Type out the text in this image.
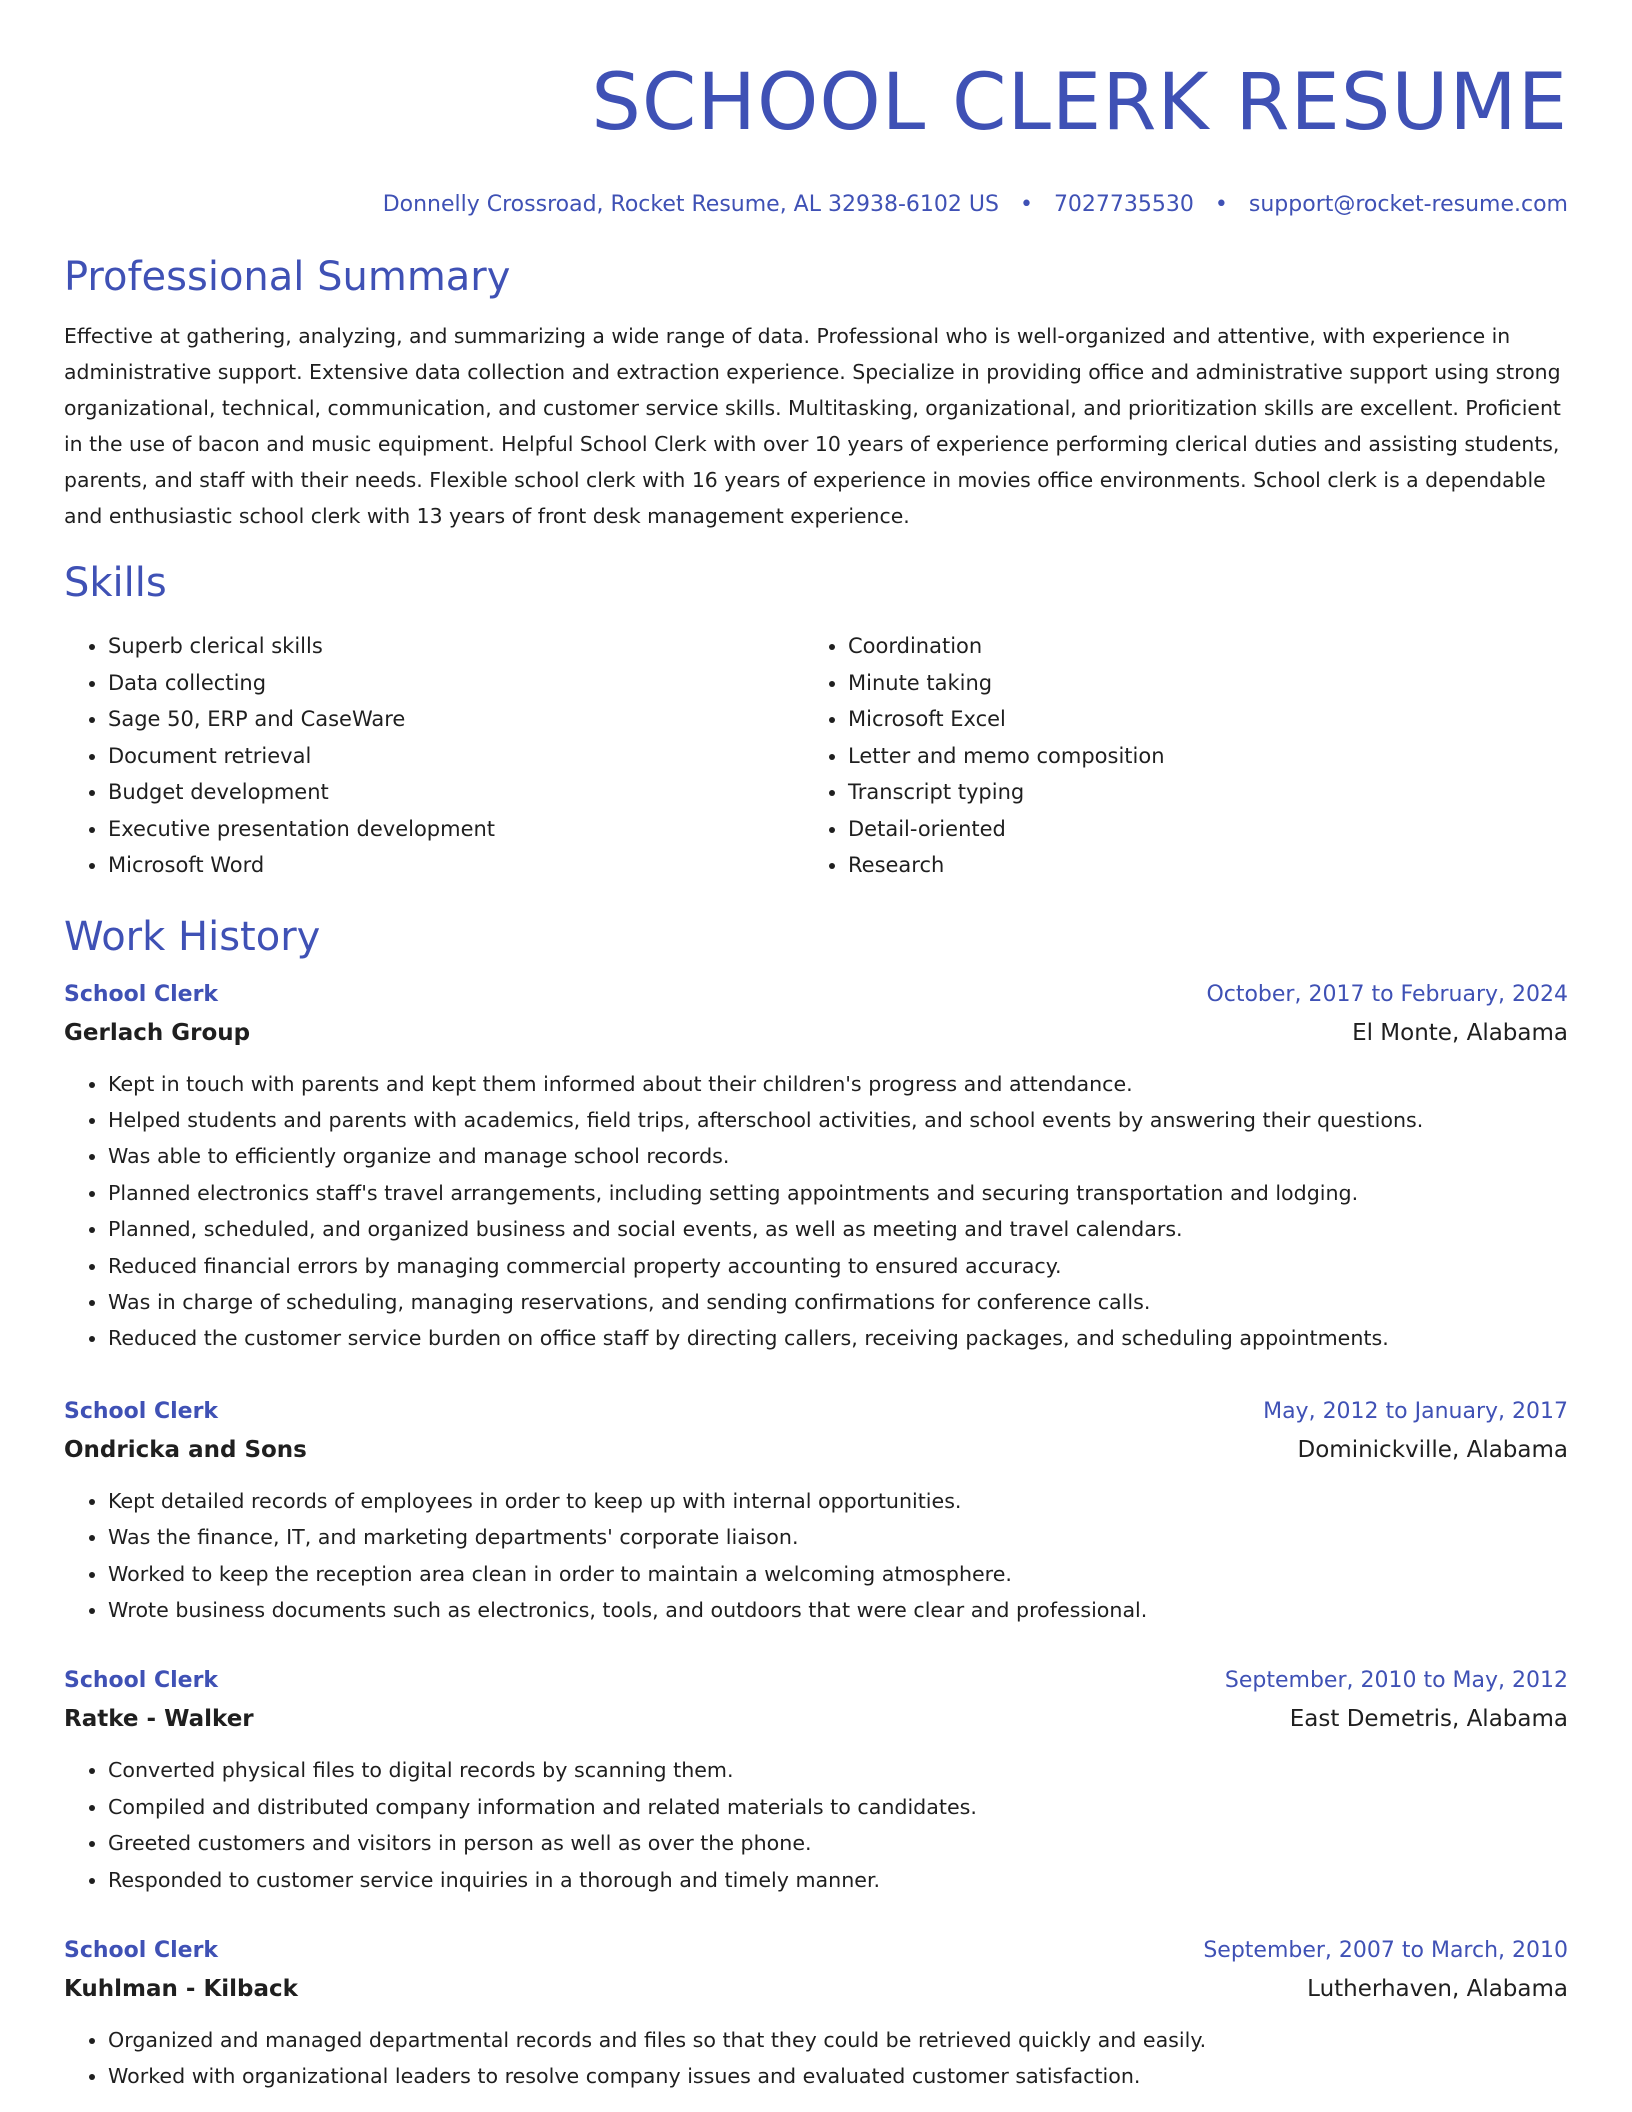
SCHOOL CLERK RESUME
Donnelly Crossroad, Rocket Resume, AL 32938-6102 US • 7027735530 • support@rocket-resume.com
Professional Summary
Effective at gathering, analyzing, and summarizing a wide range of data. Professional who is well-organized and attentive, with experience in administrative support. Extensive data collection and extraction experience. Specialize in providing office and administrative support using strong organizational, technical, communication, and customer service skills. Multitasking, organizational, and prioritization skills are excellent. Proficient in the use of bacon and music equipment. Helpful School Clerk with over 10 years of experience performing clerical duties and assisting students, parents, and staff with their needs. Flexible school clerk with 16 years of experience in movies office environments. School clerk is a dependable and enthusiastic school clerk with 13 years of front desk management experience.
Skills
• Superb clerical skills
• Data collecting
• Sage 50, ERP and CaseWare
• Document retrieval
• Budget development
• Executive presentation development
• Microsoft Word
• Coordination
• Minute taking
• Microsoft Excel
• Letter and memo composition
• Transcript typing
• Detail-oriented
• Research
Work History
School Clerk	October, 2017 to February, 2024
Gerlach Group	El Monte, Alabama
• Kept in touch with parents and kept them informed about their children's progress and attendance.
• Helped students and parents with academics, field trips, afterschool activities, and school events by answering their questions.
• Was able to efficiently organize and manage school records.
• Planned electronics staff's travel arrangements, including setting appointments and securing transportation and lodging.
• Planned, scheduled, and organized business and social events, as well as meeting and travel calendars.
• Reduced financial errors by managing commercial property accounting to ensured accuracy.
• Was in charge of scheduling, managing reservations, and sending confirmations for conference calls.
• Reduced the customer service burden on office staff by directing callers, receiving packages, and scheduling appointments.
School Clerk	May, 2012 to January, 2017
Ondricka and Sons	Dominickville, Alabama
• Kept detailed records of employees in order to keep up with internal opportunities.
• Was the finance, IT, and marketing departments' corporate liaison.
• Worked to keep the reception area clean in order to maintain a welcoming atmosphere.
• Wrote business documents such as electronics, tools, and outdoors that were clear and professional.
School Clerk	September, 2010 to May, 2012
Ratke - Walker	East Demetris, Alabama
• Converted physical files to digital records by scanning them.
• Compiled and distributed company information and related materials to candidates.
• Greeted customers and visitors in person as well as over the phone.
• Responded to customer service inquiries in a thorough and timely manner.
School Clerk	September, 2007 to March, 2010
Kuhlman - Kilback	Lutherhaven, Alabama
• Organized and managed departmental records and files so that they could be retrieved quickly and easily.
• Worked with organizational leaders to resolve company issues and evaluated customer satisfaction.
